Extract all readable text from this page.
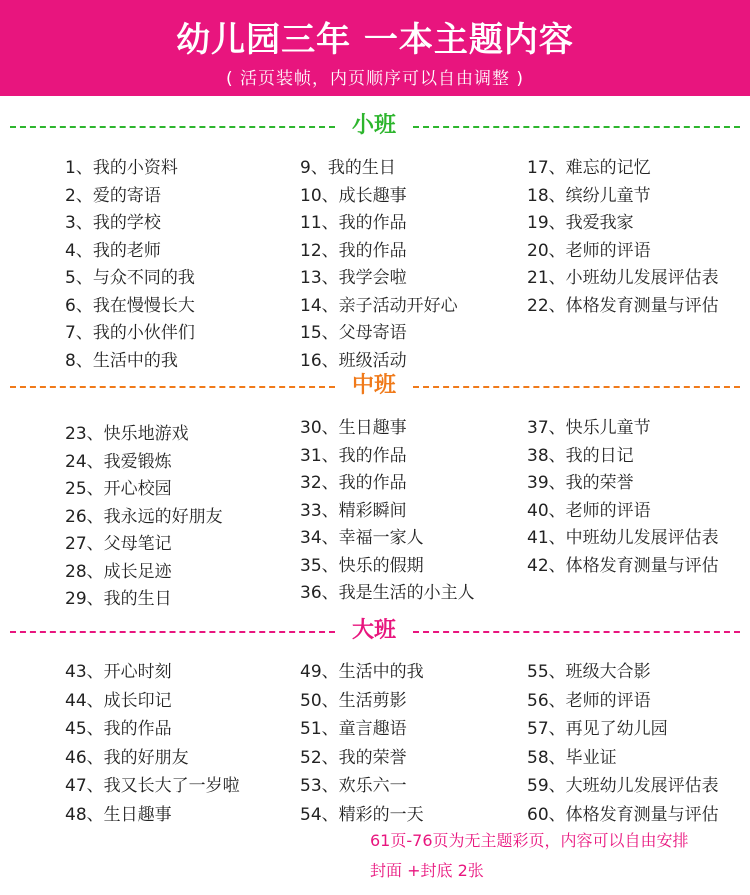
幼儿园三年 一本主题内容
( 活页装帧，内页顺序可以自由调整 )
小班
1、我的小资料
2、爱的寄语
3、我的学校
4、我的老师
5、与众不同的我
6、我在慢慢长大
7、我的小伙伴们
8、生活中的我
9、我的生日
10、成长趣事
11、我的作品
12、我的作品
13、我学会啦
14、亲子活动开好心
15、父母寄语
16、班级活动
17、难忘的记忆
18、缤纷儿童节
19、我爱我家
20、老师的评语
21、小班幼儿发展评估表
22、体格发育测量与评估
中班
23、快乐地游戏
24、我爱锻炼
25、开心校园
26、我永远的好朋友
27、父母笔记
28、成长足迹
29、我的生日
30、生日趣事
31、我的作品
32、我的作品
33、精彩瞬间
34、幸福一家人
35、快乐的假期
36、我是生活的小主人
37、快乐儿童节
38、我的日记
39、我的荣誉
40、老师的评语
41、中班幼儿发展评估表
42、体格发育测量与评估
大班
43、开心时刻
44、成长印记
45、我的作品
46、我的好朋友
47、我又长大了一岁啦
48、生日趣事
49、生活中的我
50、生活剪影
51、童言趣语
52、我的荣誉
53、欢乐六一
54、精彩的一天
55、班级大合影
56、老师的评语
57、再见了幼儿园
58、毕业证
59、大班幼儿发展评估表
60、体格发育测量与评估
61页-76页为无主题彩页，内容可以自由安排
封面 +封底 2张
